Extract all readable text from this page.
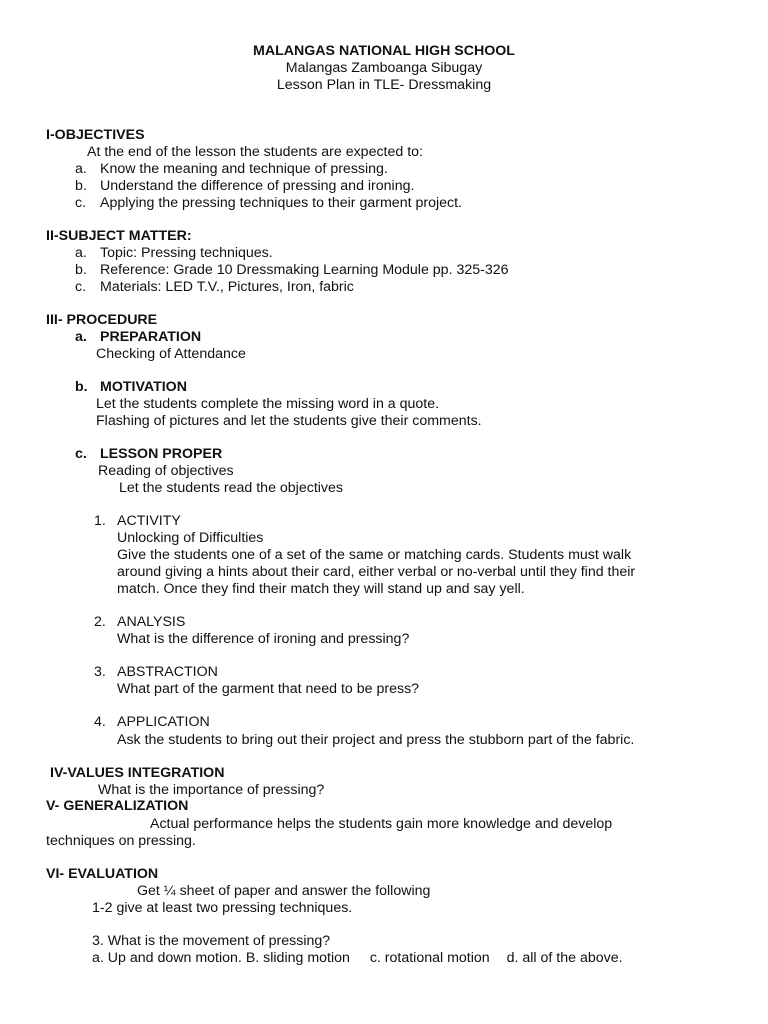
MALANGAS NATIONAL HIGH SCHOOL
Malangas Zamboanga Sibugay
Lesson Plan in TLE- Dressmaking
I-OBJECTIVES
At the end of the lesson the students are expected to:
a. Know the meaning and technique of pressing.
b. Understand the difference of pressing and ironing.
c. Applying the pressing techniques to their garment project.
II-SUBJECT MATTER:
a. Topic: Pressing techniques.
b. Reference: Grade 10 Dressmaking Learning Module pp. 325-326
c. Materials: LED T.V., Pictures, Iron, fabric
III- PROCEDURE
a. PREPARATION
Checking of Attendance
b. MOTIVATION
Let the students complete the missing word in a quote.
Flashing of pictures and let the students give their comments.
c. LESSON PROPER
Reading of objectives
Let the students read the objectives
1. ACTIVITY
Unlocking of Difficulties
Give the students one of a set of the same or matching cards. Students must walk
around giving a hints about their card, either verbal or no-verbal until they find their
match. Once they find their match they will stand up and say yell.
2. ANALYSIS
What is the difference of ironing and pressing?
3. ABSTRACTION
What part of the garment that need to be press?
4. APPLICATION
Ask the students to bring out their project and press the stubborn part of the fabric.
IV-VALUES INTEGRATION
What is the importance of pressing?
V- GENERALIZATION
Actual performance helps the students gain more knowledge and develop
techniques on pressing.
VI- EVALUATION
Get ¼ sheet of paper and answer the following
1-2 give at least two pressing techniques.
3. What is the movement of pressing?
a. Up and down motion. B. sliding motion c. rotational motion d. all of the above.
